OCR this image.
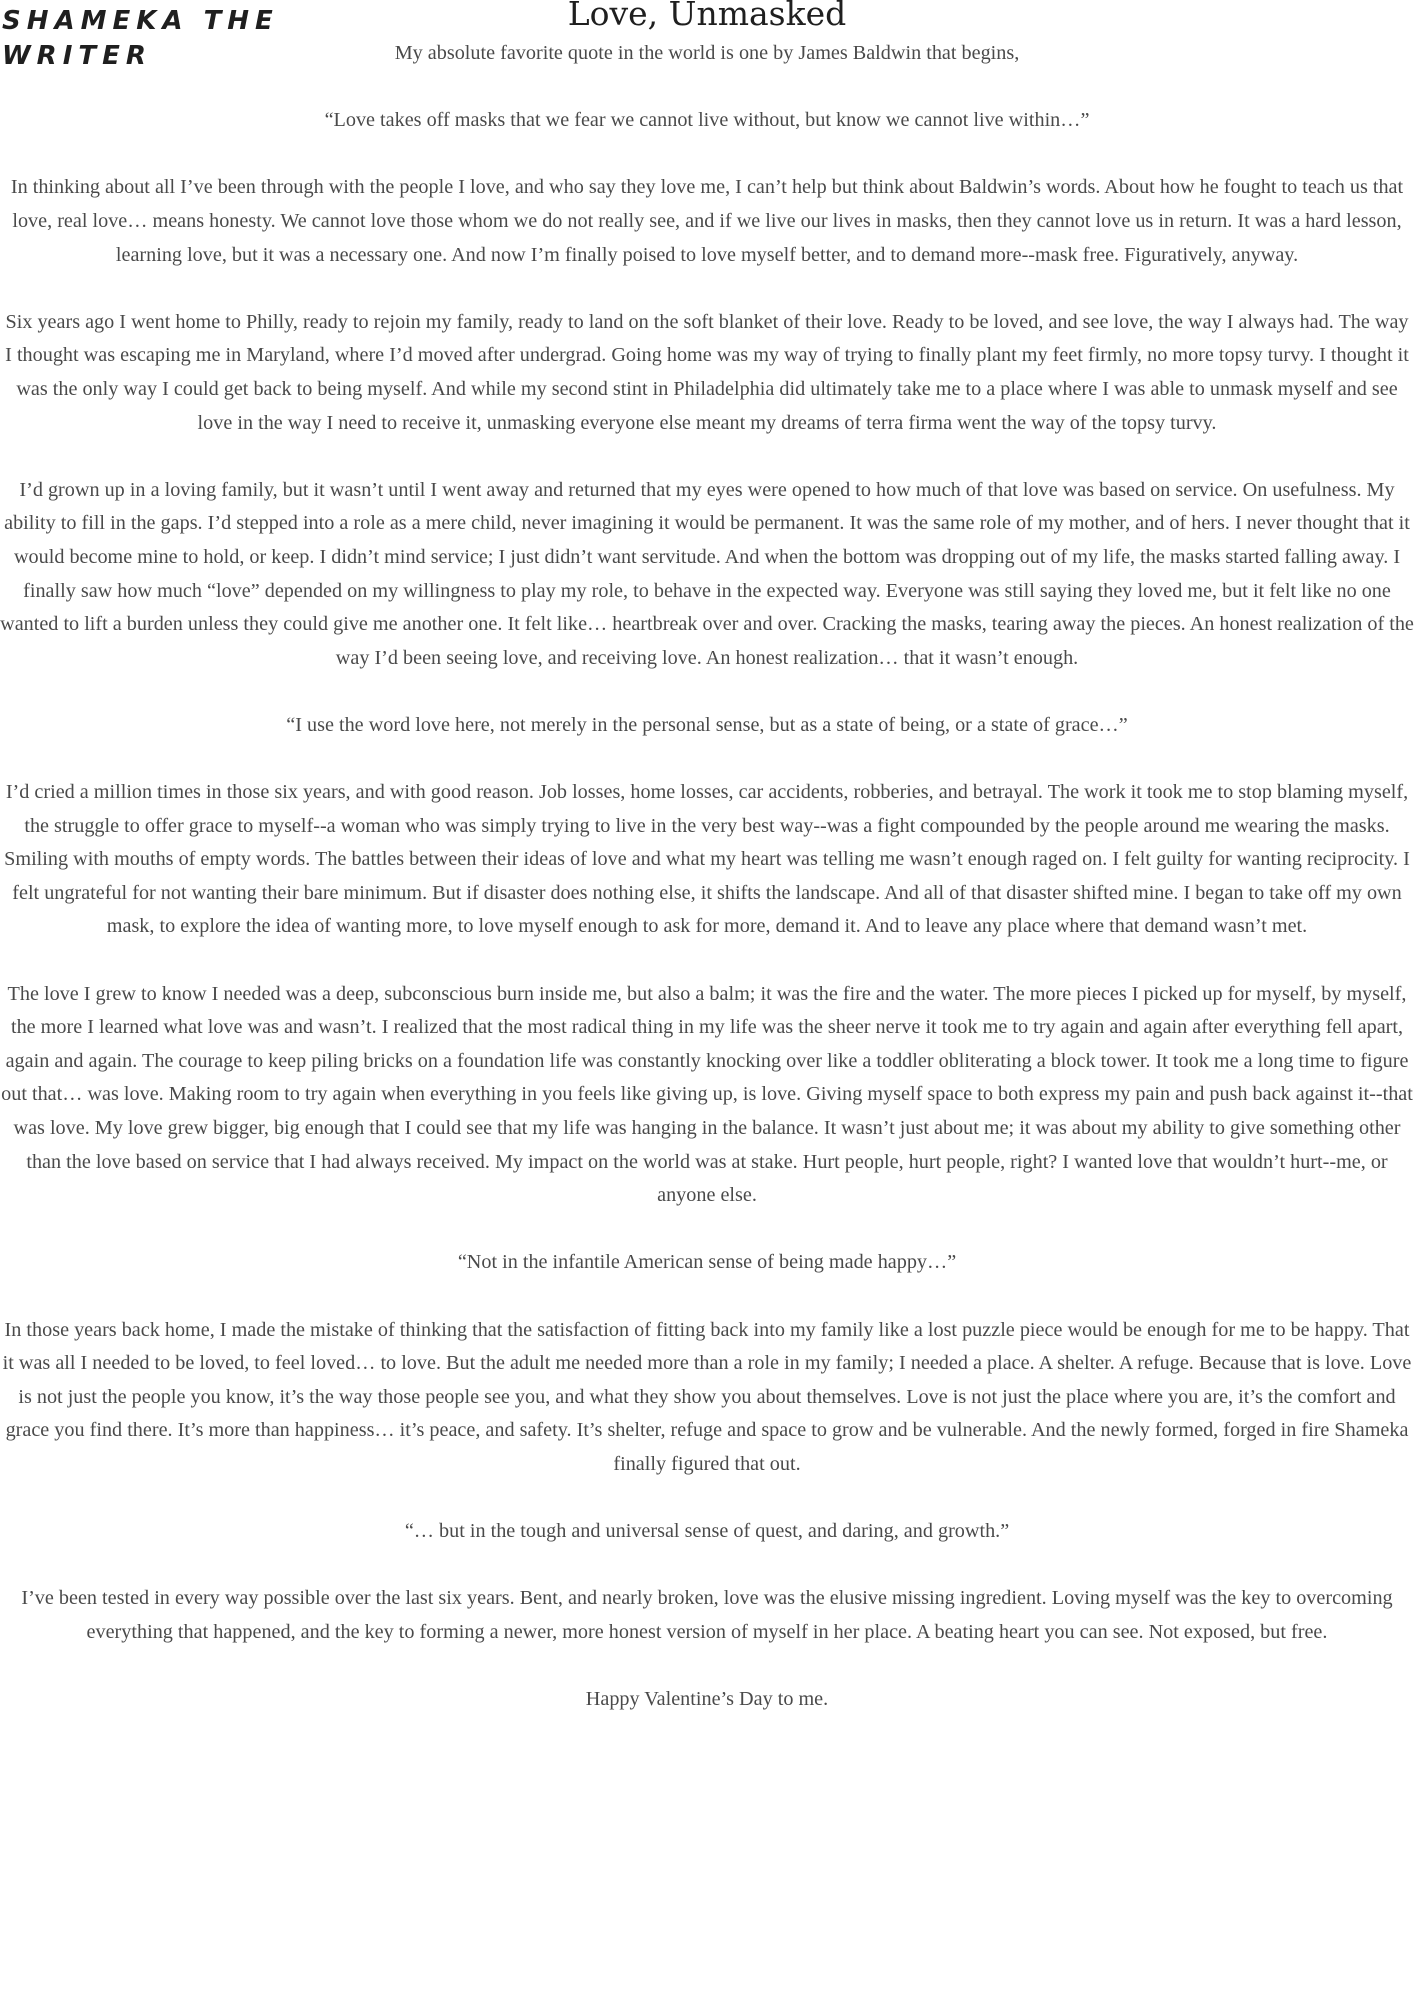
SHAMEKA THE WRITER
Love, Unmasked

My absolute favorite quote in the world is one by James Baldwin that begins,

“Love takes off masks that we fear we cannot live without, but know we cannot live within…”

In thinking about all I’ve been through with the people I love, and who say they love me, I can’t help but think about Baldwin’s words. About how he fought to teach us that love, real love… means honesty. We cannot love those whom we do not really see, and if we live our lives in masks, then they cannot love us in return. It was a hard lesson, learning love, but it was a necessary one. And now I’m finally poised to love myself better, and to demand more--mask free. Figuratively, anyway.

Six years ago I went home to Philly, ready to rejoin my family, ready to land on the soft blanket of their love. Ready to be loved, and see love, the way I always had. The way I thought was escaping me in Maryland, where I’d moved after undergrad. Going home was my way of trying to finally plant my feet firmly, no more topsy turvy. I thought it was the only way I could get back to being myself. And while my second stint in Philadelphia did ultimately take me to a place where I was able to unmask myself and see love in the way I need to receive it, unmasking everyone else meant my dreams of terra firma went the way of the topsy turvy.

I’d grown up in a loving family, but it wasn’t until I went away and returned that my eyes were opened to how much of that love was based on service. On usefulness. My ability to fill in the gaps. I’d stepped into a role as a mere child, never imagining it would be permanent. It was the same role of my mother, and of hers. I never thought that it would become mine to hold, or keep. I didn’t mind service; I just didn’t want servitude. And when the bottom was dropping out of my life, the masks started falling away. I finally saw how much “love” depended on my willingness to play my role, to behave in the expected way. Everyone was still saying they loved me, but it felt like no one wanted to lift a burden unless they could give me another one. It felt like… heartbreak over and over. Cracking the masks, tearing away the pieces. An honest realization of the way I’d been seeing love, and receiving love. An honest realization… that it wasn’t enough.

“I use the word love here, not merely in the personal sense, but as a state of being, or a state of grace…”

I’d cried a million times in those six years, and with good reason. Job losses, home losses, car accidents, robberies, and betrayal. The work it took me to stop blaming myself, the struggle to offer grace to myself--a woman who was simply trying to live in the very best way--was a fight compounded by the people around me wearing the masks. Smiling with mouths of empty words. The battles between their ideas of love and what my heart was telling me wasn’t enough raged on. I felt guilty for wanting reciprocity. I felt ungrateful for not wanting their bare minimum. But if disaster does nothing else, it shifts the landscape. And all of that disaster shifted mine. I began to take off my own mask, to explore the idea of wanting more, to love myself enough to ask for more, demand it. And to leave any place where that demand wasn’t met.

The love I grew to know I needed was a deep, subconscious burn inside me, but also a balm; it was the fire and the water. The more pieces I picked up for myself, by myself, the more I learned what love was and wasn’t. I realized that the most radical thing in my life was the sheer nerve it took me to try again and again after everything fell apart, again and again. The courage to keep piling bricks on a foundation life was constantly knocking over like a toddler obliterating a block tower. It took me a long time to figure out that… was love. Making room to try again when everything in you feels like giving up, is love. Giving myself space to both express my pain and push back against it--that was love. My love grew bigger, big enough that I could see that my life was hanging in the balance. It wasn’t just about me; it was about my ability to give something other than the love based on service that I had always received. My impact on the world was at stake. Hurt people, hurt people, right? I wanted love that wouldn’t hurt--me, or anyone else.

“Not in the infantile American sense of being made happy…”

In those years back home, I made the mistake of thinking that the satisfaction of fitting back into my family like a lost puzzle piece would be enough for me to be happy. That it was all I needed to be loved, to feel loved… to love. But the adult me needed more than a role in my family; I needed a place. A shelter. A refuge. Because that is love. Love is not just the people you know, it’s the way those people see you, and what they show you about themselves. Love is not just the place where you are, it’s the comfort and grace you find there. It’s more than happiness… it’s peace, and safety. It’s shelter, refuge and space to grow and be vulnerable. And the newly formed, forged in fire Shameka finally figured that out.

“… but in the tough and universal sense of quest, and daring, and growth.”

I’ve been tested in every way possible over the last six years. Bent, and nearly broken, love was the elusive missing ingredient. Loving myself was the key to overcoming everything that happened, and the key to forming a newer, more honest version of myself in her place. A beating heart you can see. Not exposed, but free.

Happy Valentine’s Day to me.
